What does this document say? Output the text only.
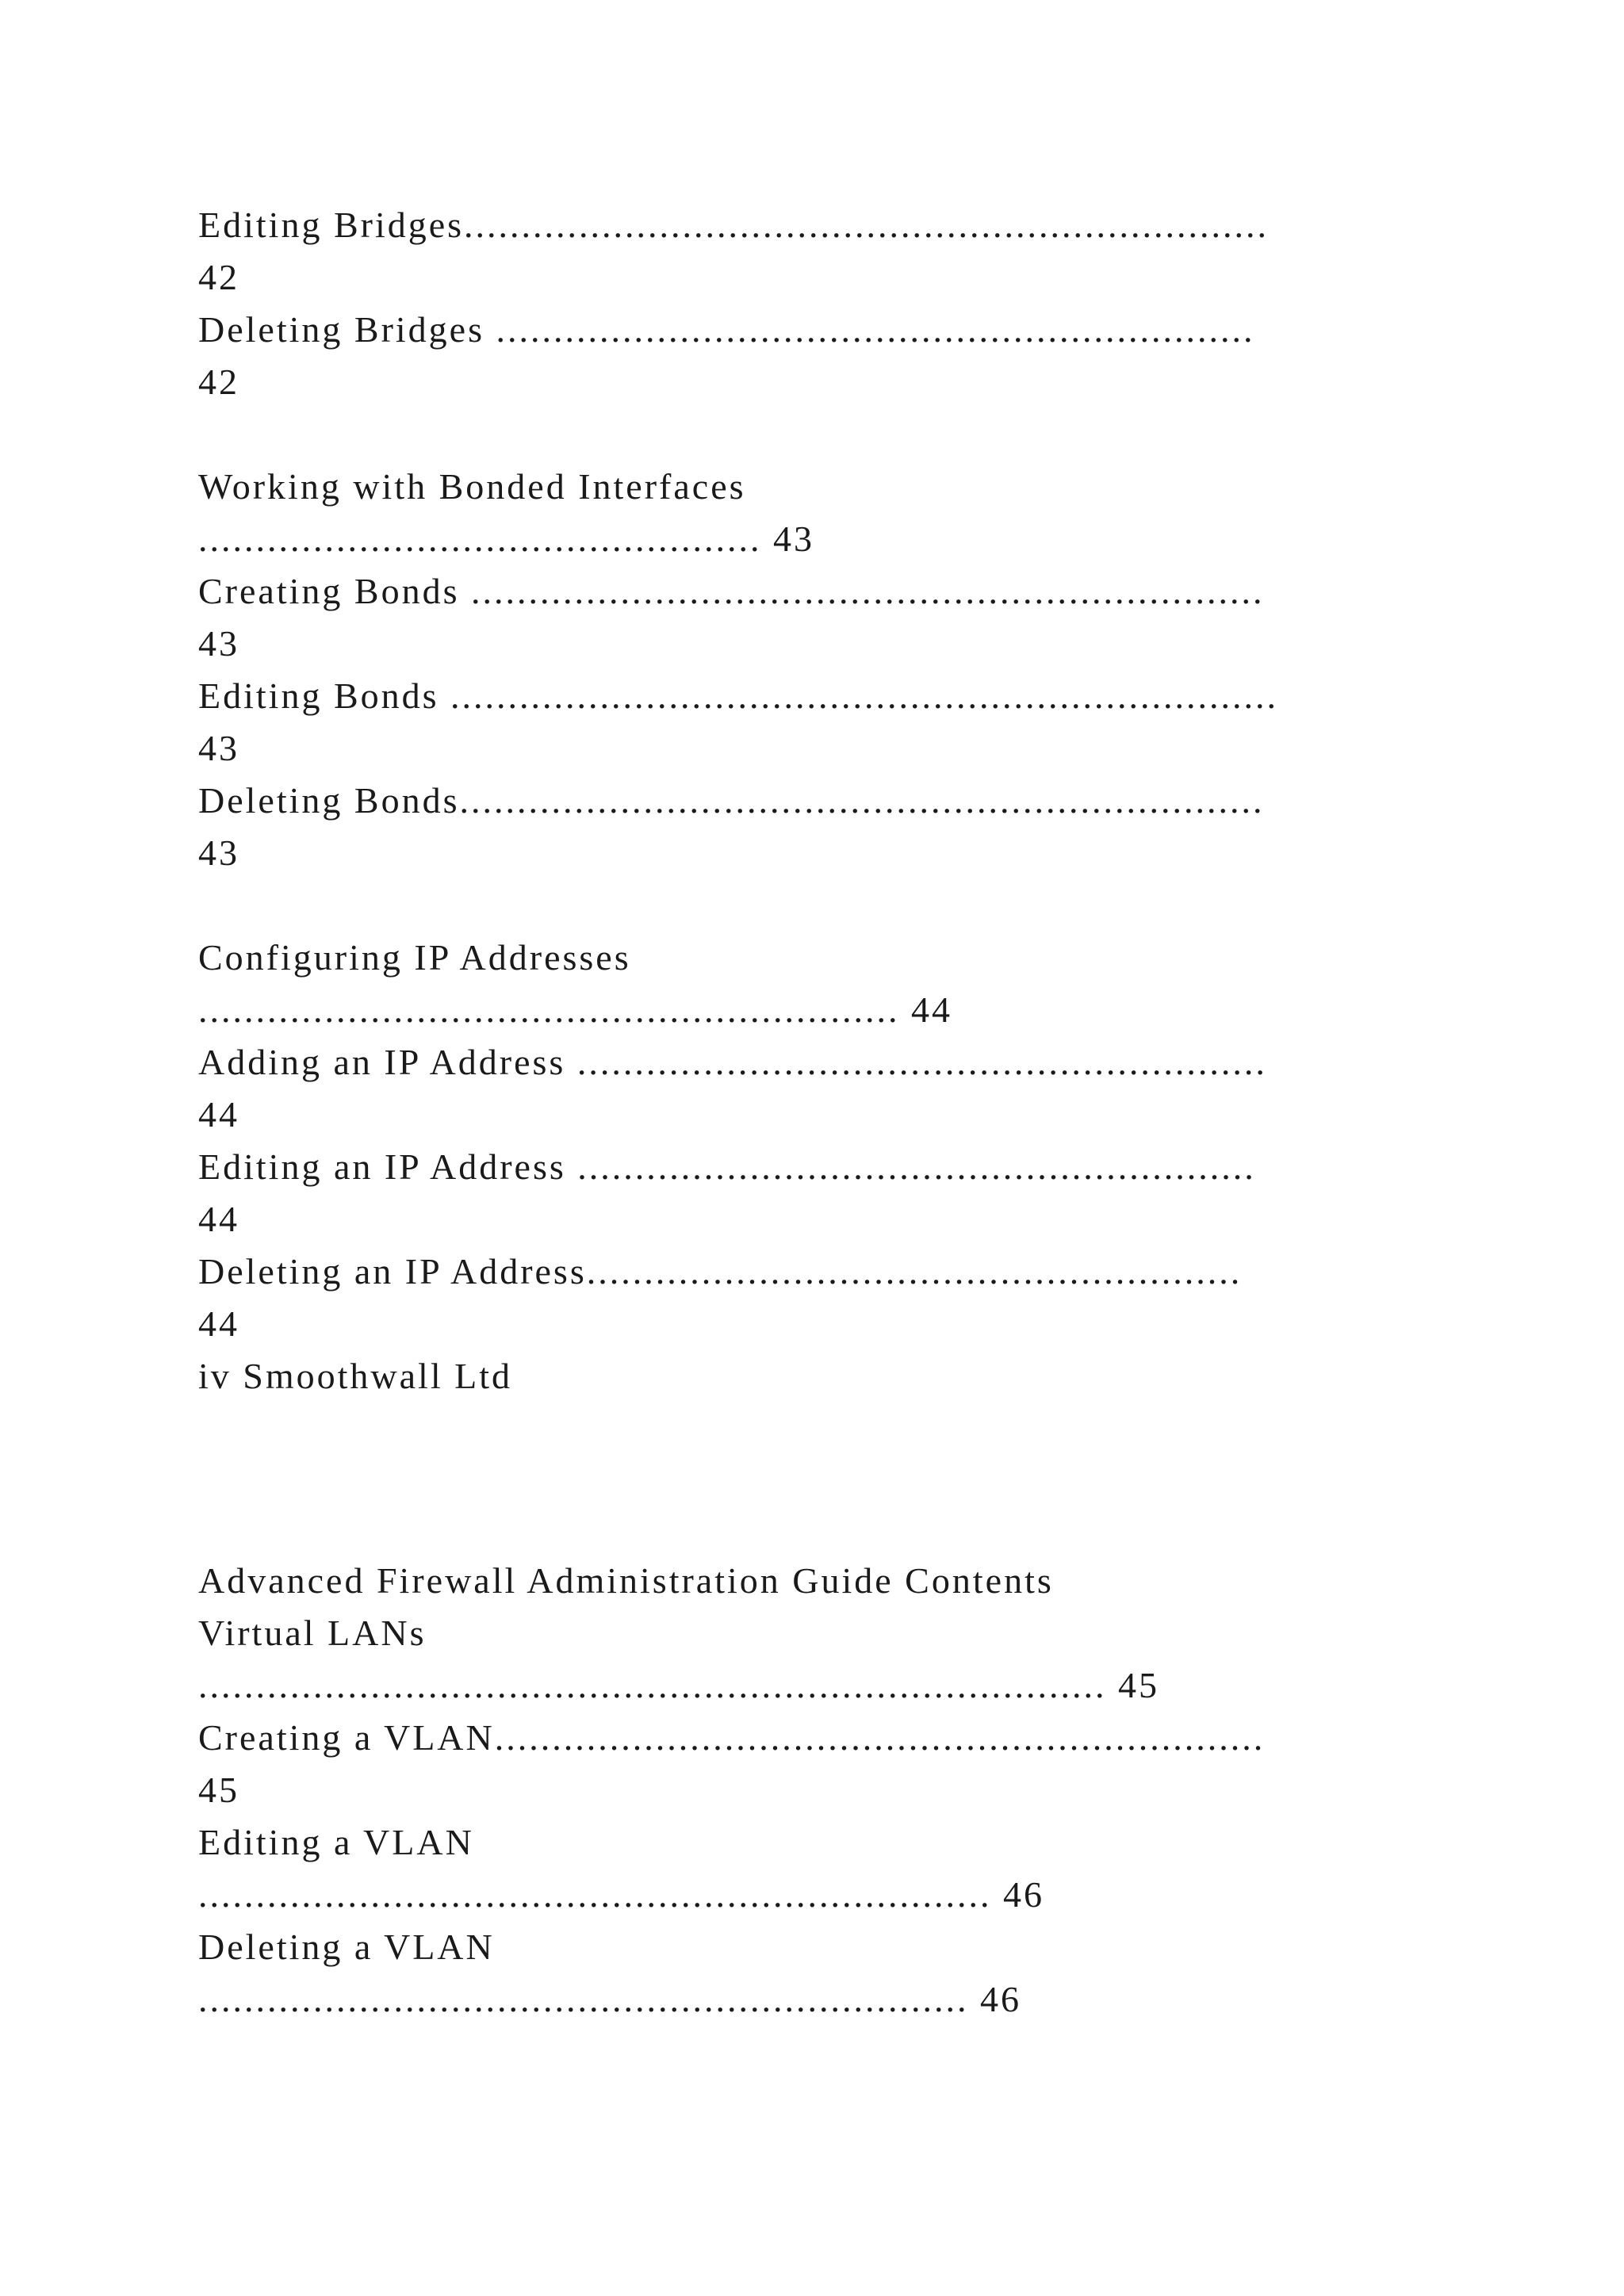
Editing Bridges......................................................................

42

Deleting Bridges ..................................................................

42

Working with Bonded Interfaces

................................................. 43

Creating Bonds .....................................................................

43

Editing Bonds ........................................................................

43

Deleting Bonds......................................................................

43

Configuring IP Addresses

............................................................. 44

Adding an IP Address ............................................................

44

Editing an IP Address ...........................................................

44

Deleting an IP Address.........................................................

44

iv Smoothwall Ltd

Advanced Firewall Administration Guide Contents

Virtual LANs

............................................................................... 45

Creating a VLAN...................................................................

45

Editing a VLAN

..................................................................... 46

Deleting a VLAN

................................................................... 46
